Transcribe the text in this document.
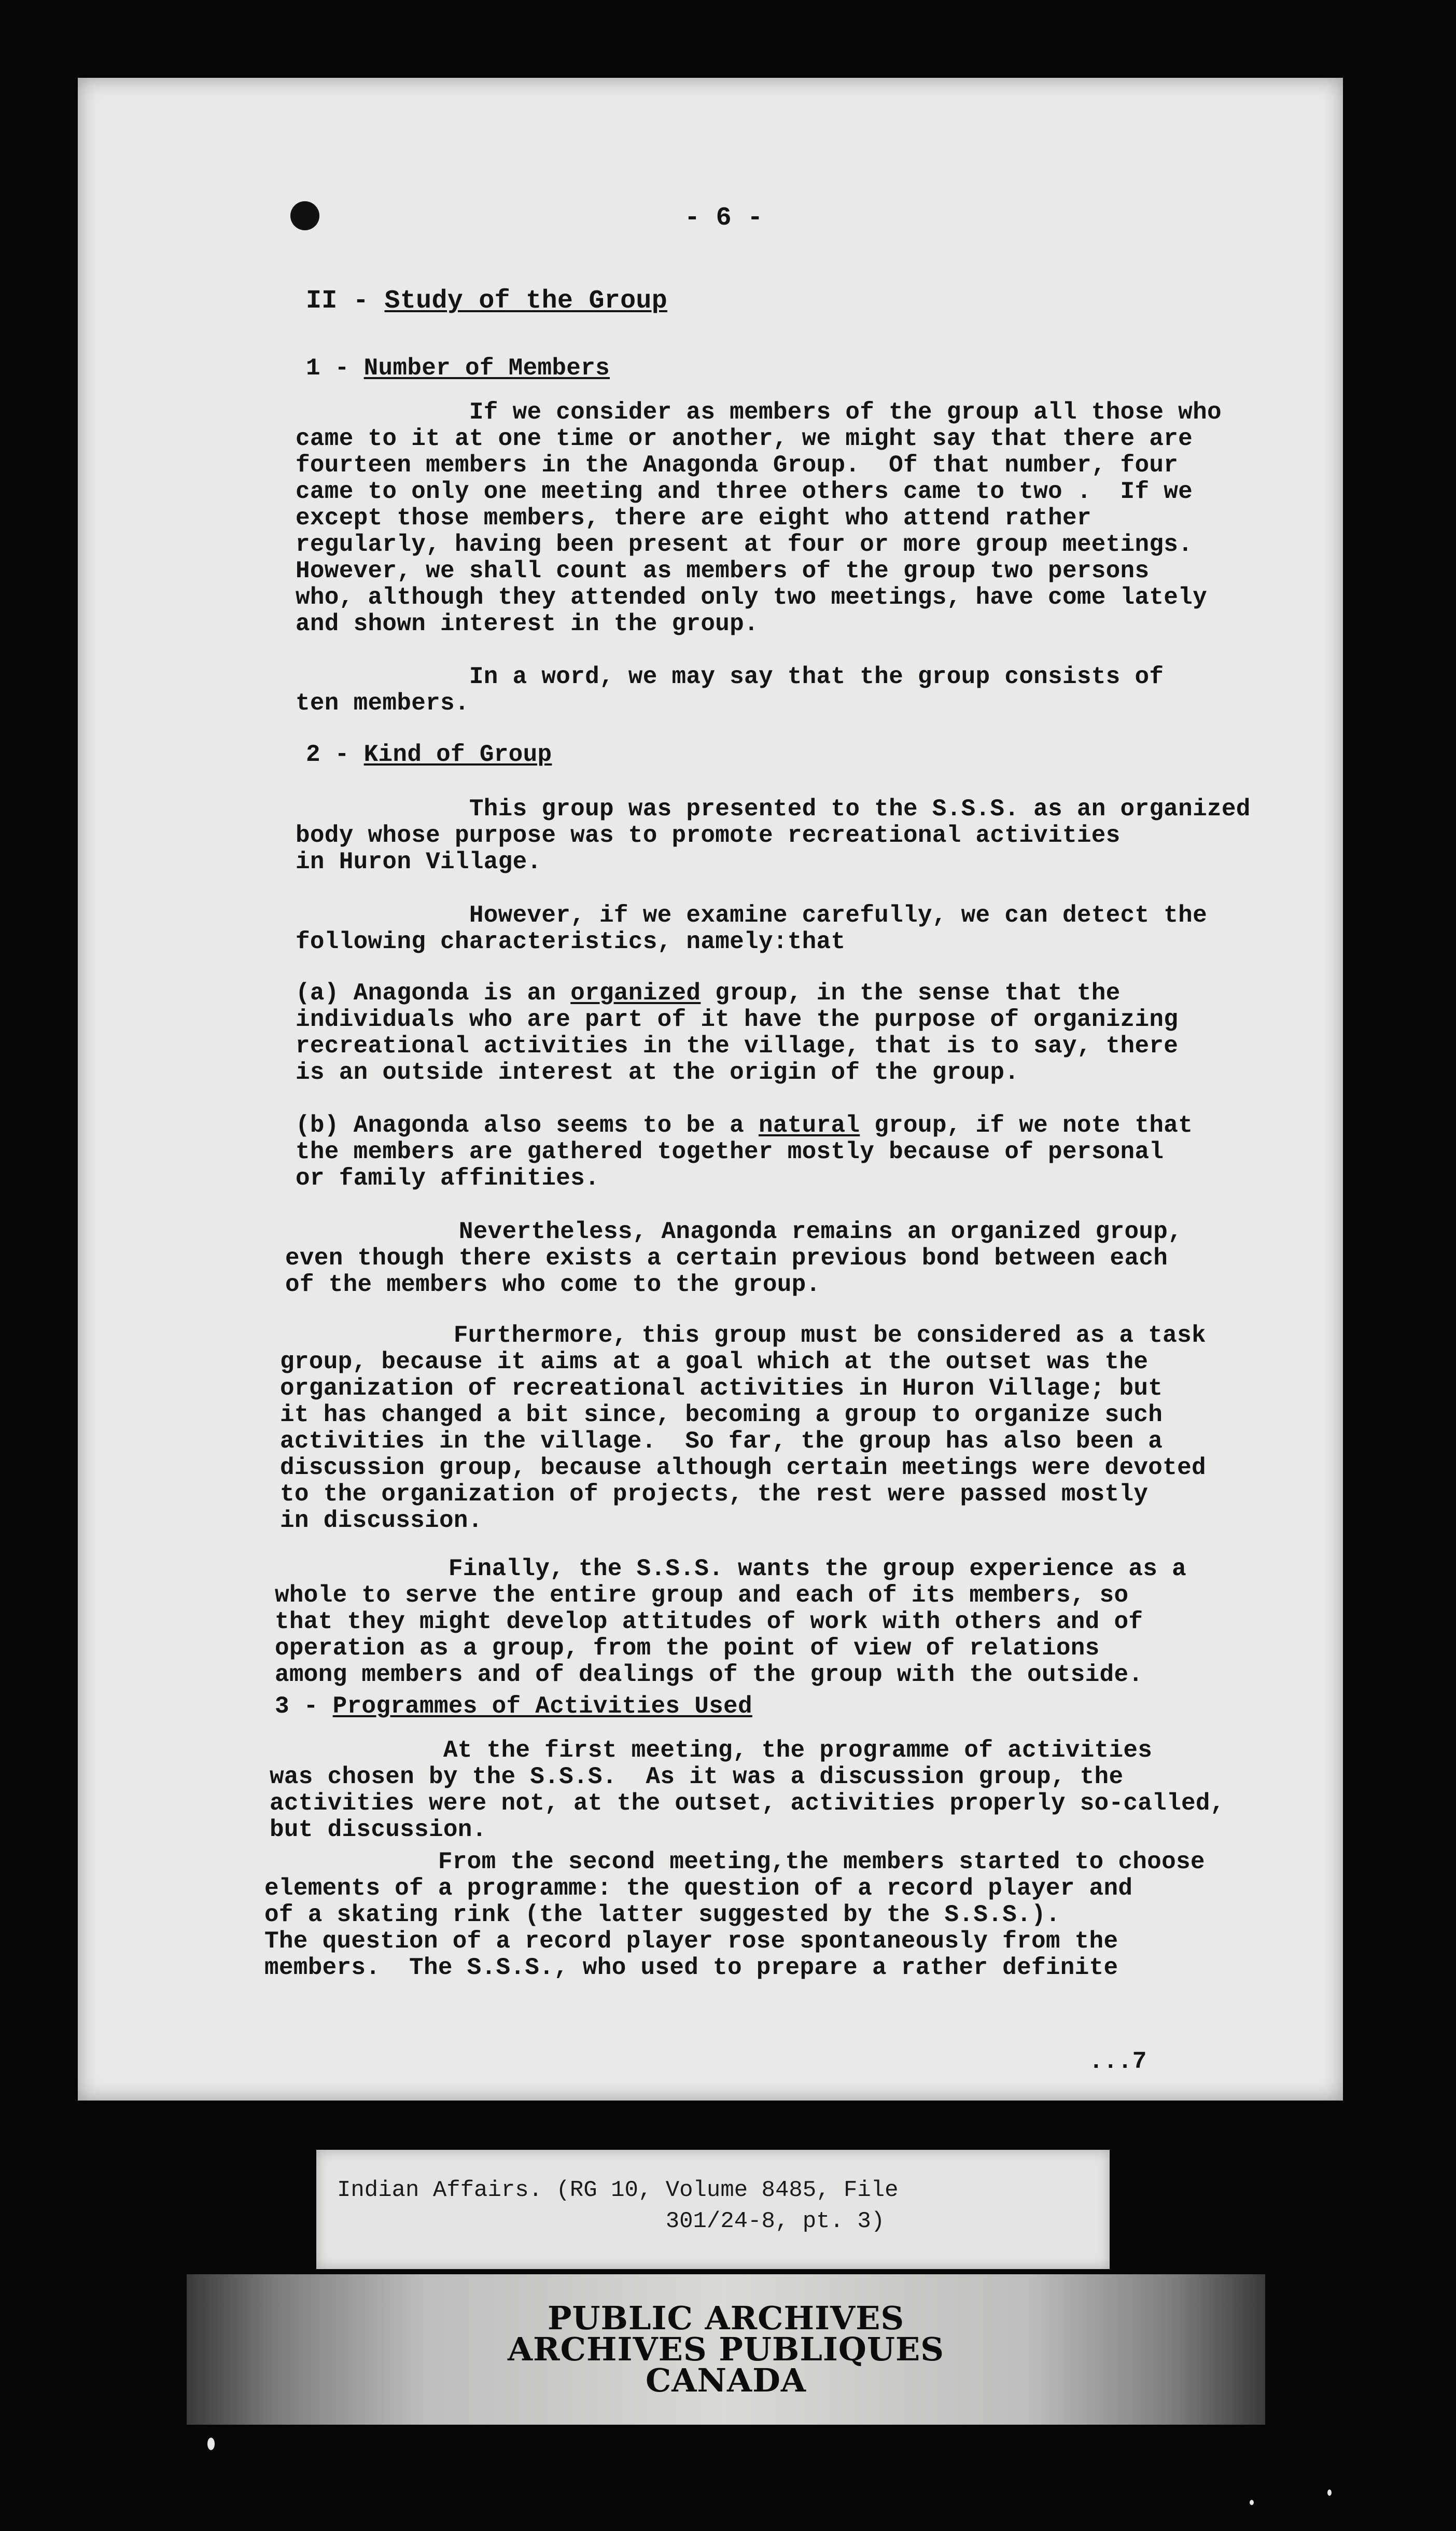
- 6 -
II - Study of the Group
1 - Number of Members
If we consider as members of the group all those who
came to it at one time or another, we might say that there are
fourteen members in the Anagonda Group.  Of that number, four
came to only one meeting and three others came to two .  If we
except those members, there are eight who attend rather
regularly, having been present at four or more group meetings.
However, we shall count as members of the group two persons
who, although they attended only two meetings, have come lately
and shown interest in the group.
In a word, we may say that the group consists of
ten members.
2 - Kind of Group
This group was presented to the S.S.S. as an organized
body whose purpose was to promote recreational activities
in Huron Village.
However, if we examine carefully, we can detect the
following characteristics, namely:that
(a) Anagonda is an organized group, in the sense that the
individuals who are part of it have the purpose of organizing
recreational activities in the village, that is to say, there
is an outside interest at the origin of the group.
(b) Anagonda also seems to be a natural group, if we note that
the members are gathered together mostly because of personal
or family affinities.
Nevertheless, Anagonda remains an organized group,
even though there exists a certain previous bond between each
of the members who come to the group.
Furthermore, this group must be considered as a task
group, because it aims at a goal which at the outset was the
organization of recreational activities in Huron Village; but
it has changed a bit since, becoming a group to organize such
activities in the village.  So far, the group has also been a
discussion group, because although certain meetings were devoted
to the organization of projects, the rest were passed mostly
in discussion.
Finally, the S.S.S. wants the group experience as a
whole to serve the entire group and each of its members, so
that they might develop attitudes of work with others and of
operation as a group, from the point of view of relations
among members and of dealings of the group with the outside.
3 - Programmes of Activities Used
At the first meeting, the programme of activities
was chosen by the S.S.S.  As it was a discussion group, the
activities were not, at the outset, activities properly so-called,
but discussion.
From the second meeting,the members started to choose
elements of a programme: the question of a record player and
of a skating rink (the latter suggested by the S.S.S.).
The question of a record player rose spontaneously from the
members.  The S.S.S., who used to prepare a rather definite
...7
Indian Affairs. (RG 10, Volume 8485, File
301/24-8, pt. 3)
PUBLIC ARCHIVES
ARCHIVES PUBLIQUES
CANADA
